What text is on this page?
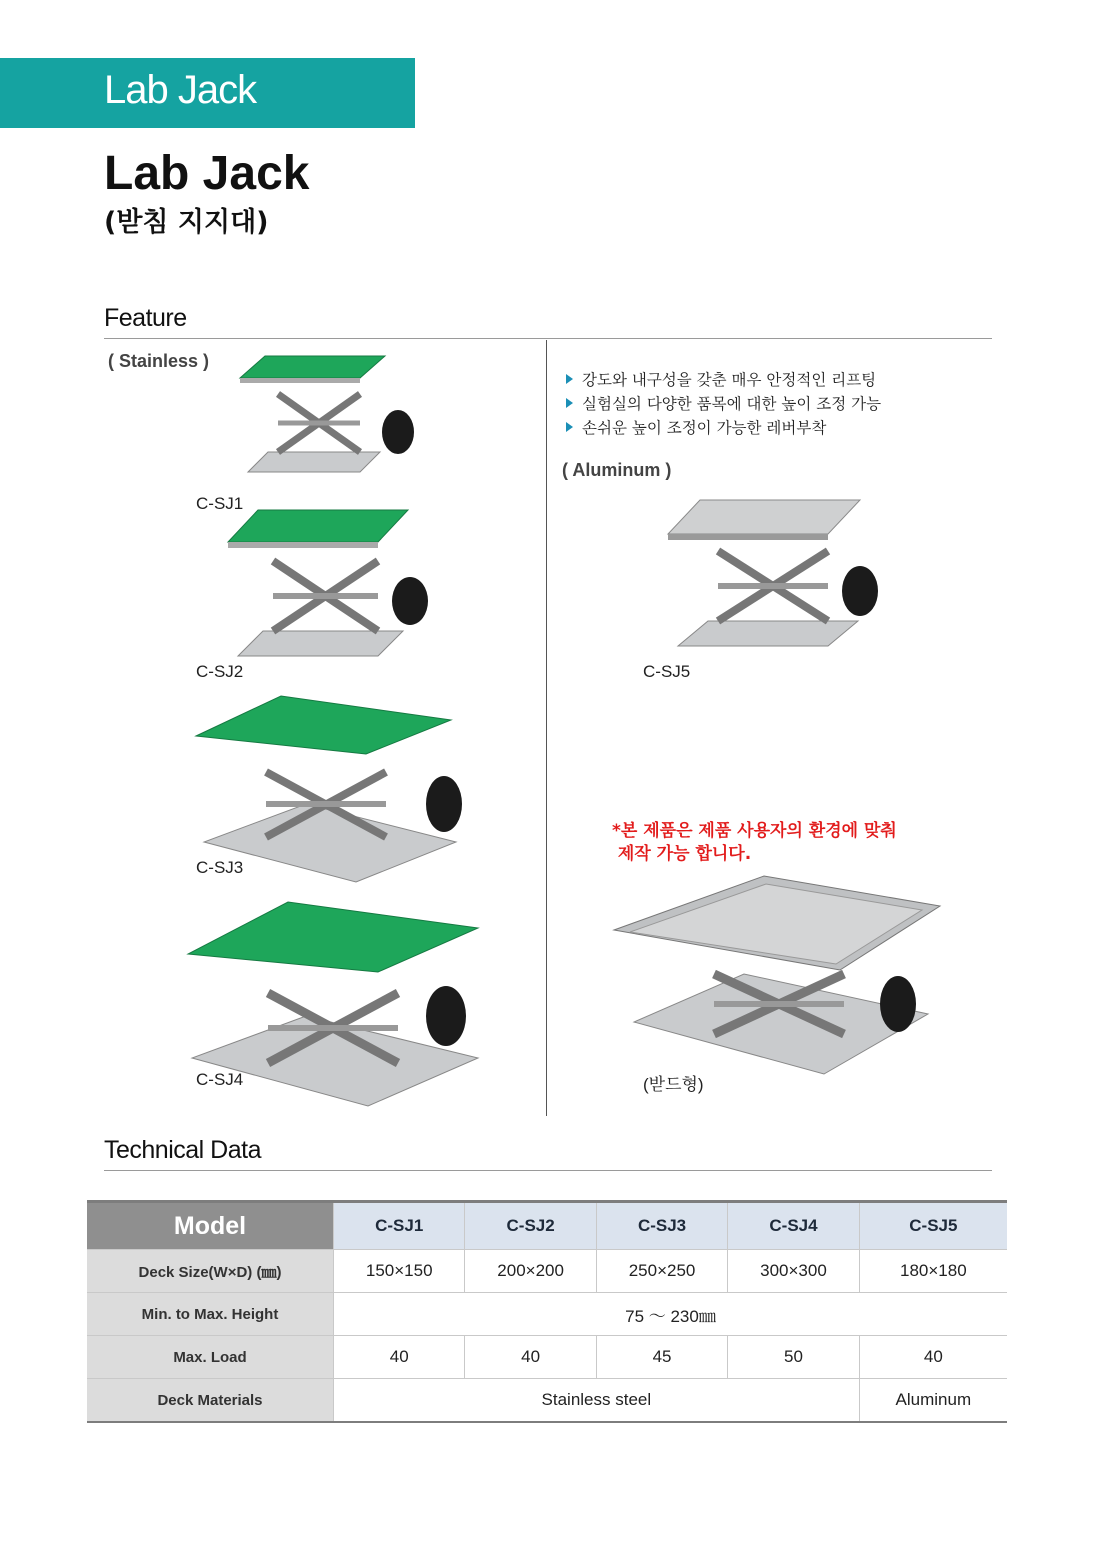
Lab Jack
Lab Jack
(받침 지지대)
Feature
( Stainless )
강도와 내구성을 갖춘 매우 안정적인 리프팅
실험실의 다양한 품목에 대한 높이 조정 가능
손쉬운 높이 조정이 가능한 레버부착
( Aluminum )
C-SJ1
C-SJ2
C-SJ3
C-SJ4
C-SJ5
*본 제품은 제품 사용자의 환경에 맞춰
제작 가능 합니다.
(받드형)
Technical Data
Model	C-SJ1	C-SJ2	C-SJ3	C-SJ4	C-SJ5
Deck Size(W×D) (㎜)	150×150	200×200	250×250	300×300	180×180
Min. to Max. Height	75 ～ 230㎜				
Max. Load	40	40	45	50	40
Deck Materials	Stainless steel				Aluminum
